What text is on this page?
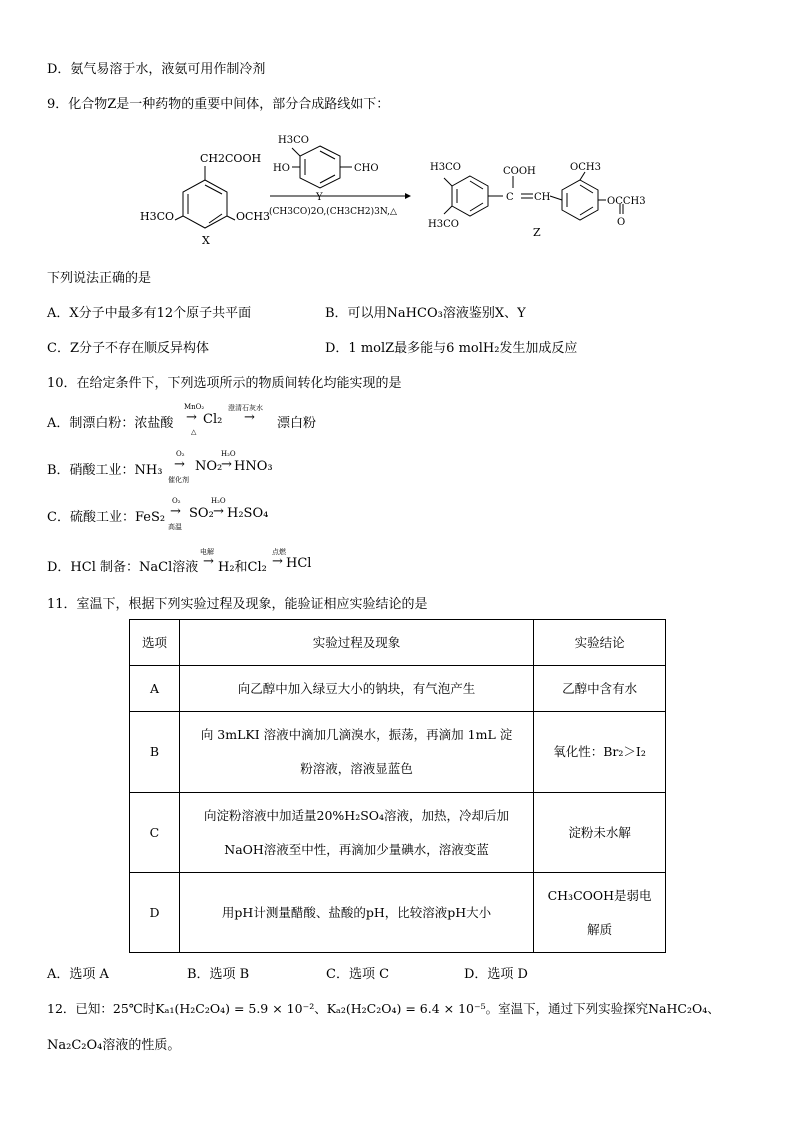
D．氨气易溶于水，液氨可用作制冷剂
9．化合物Z是一种药物的重要中间体，部分合成路线如下：
CH2COOH
H3CO	OCH3
X
H3CO
HO	CHO
Y
(CH3CO)2O,(CH3CH2)3N,△
H3CO
H3CO
COOH
C CH
OCH3
OCCH3
O
Z
下列说法正确的是
A．X分子中最多有12个原子共平面	B．可以用NaHCO₃溶液鉴别X、Y
C．Z分子不存在顺反异构体	D．1 molZ最多能与6 molH₂发生加成反应
10．在给定条件下，下列选项所示的物质间转化均能实现的是
A．制漂白粉：浓盐酸
MnO₂
→
△
Cl₂
澄清石灰水
→ 漂白粉
B．硝酸工业：NH₃
O₂
→
催化剂
NO₂
H₂O
→ HNO₃
C．硫酸工业：FeS₂
O₂
→
高温
SO₂
H₂O
→ H₂SO₄
D．HCl 制备：NaCl溶液
电解
→ H₂和Cl₂
点燃
→ HCl
11．室温下，根据下列实验过程及现象，能验证相应实验结论的是
选项	实验过程及现象	实验结论
A	向乙醇中加入绿豆大小的钠块，有气泡产生	乙醇中含有水

B	向 3mLKI 溶液中滴加几滴溴水，振荡，再滴加 1mL 淀
粉溶液，溶液显蓝色	氧化性：Br₂＞I₂

C	向淀粉溶液中加适量20%H₂SO₄溶液，加热，冷却后加
NaOH溶液至中性，再滴加少量碘水，溶液变蓝	淀粉未水解

D	用pH计测量醋酸、盐酸的pH，比较溶液pH大小	CH₃COOH是弱电
解质
A．选项 A	B．选项 B	C．选项 C	D．选项 D
12．已知：25℃时Kₐ₁(H₂C₂O₄) = 5.9 × 10⁻²、Kₐ₂(H₂C₂O₄) = 6.4 × 10⁻⁵。室温下，通过下列实验探究NaHC₂O₄、
Na₂C₂O₄溶液的性质。
